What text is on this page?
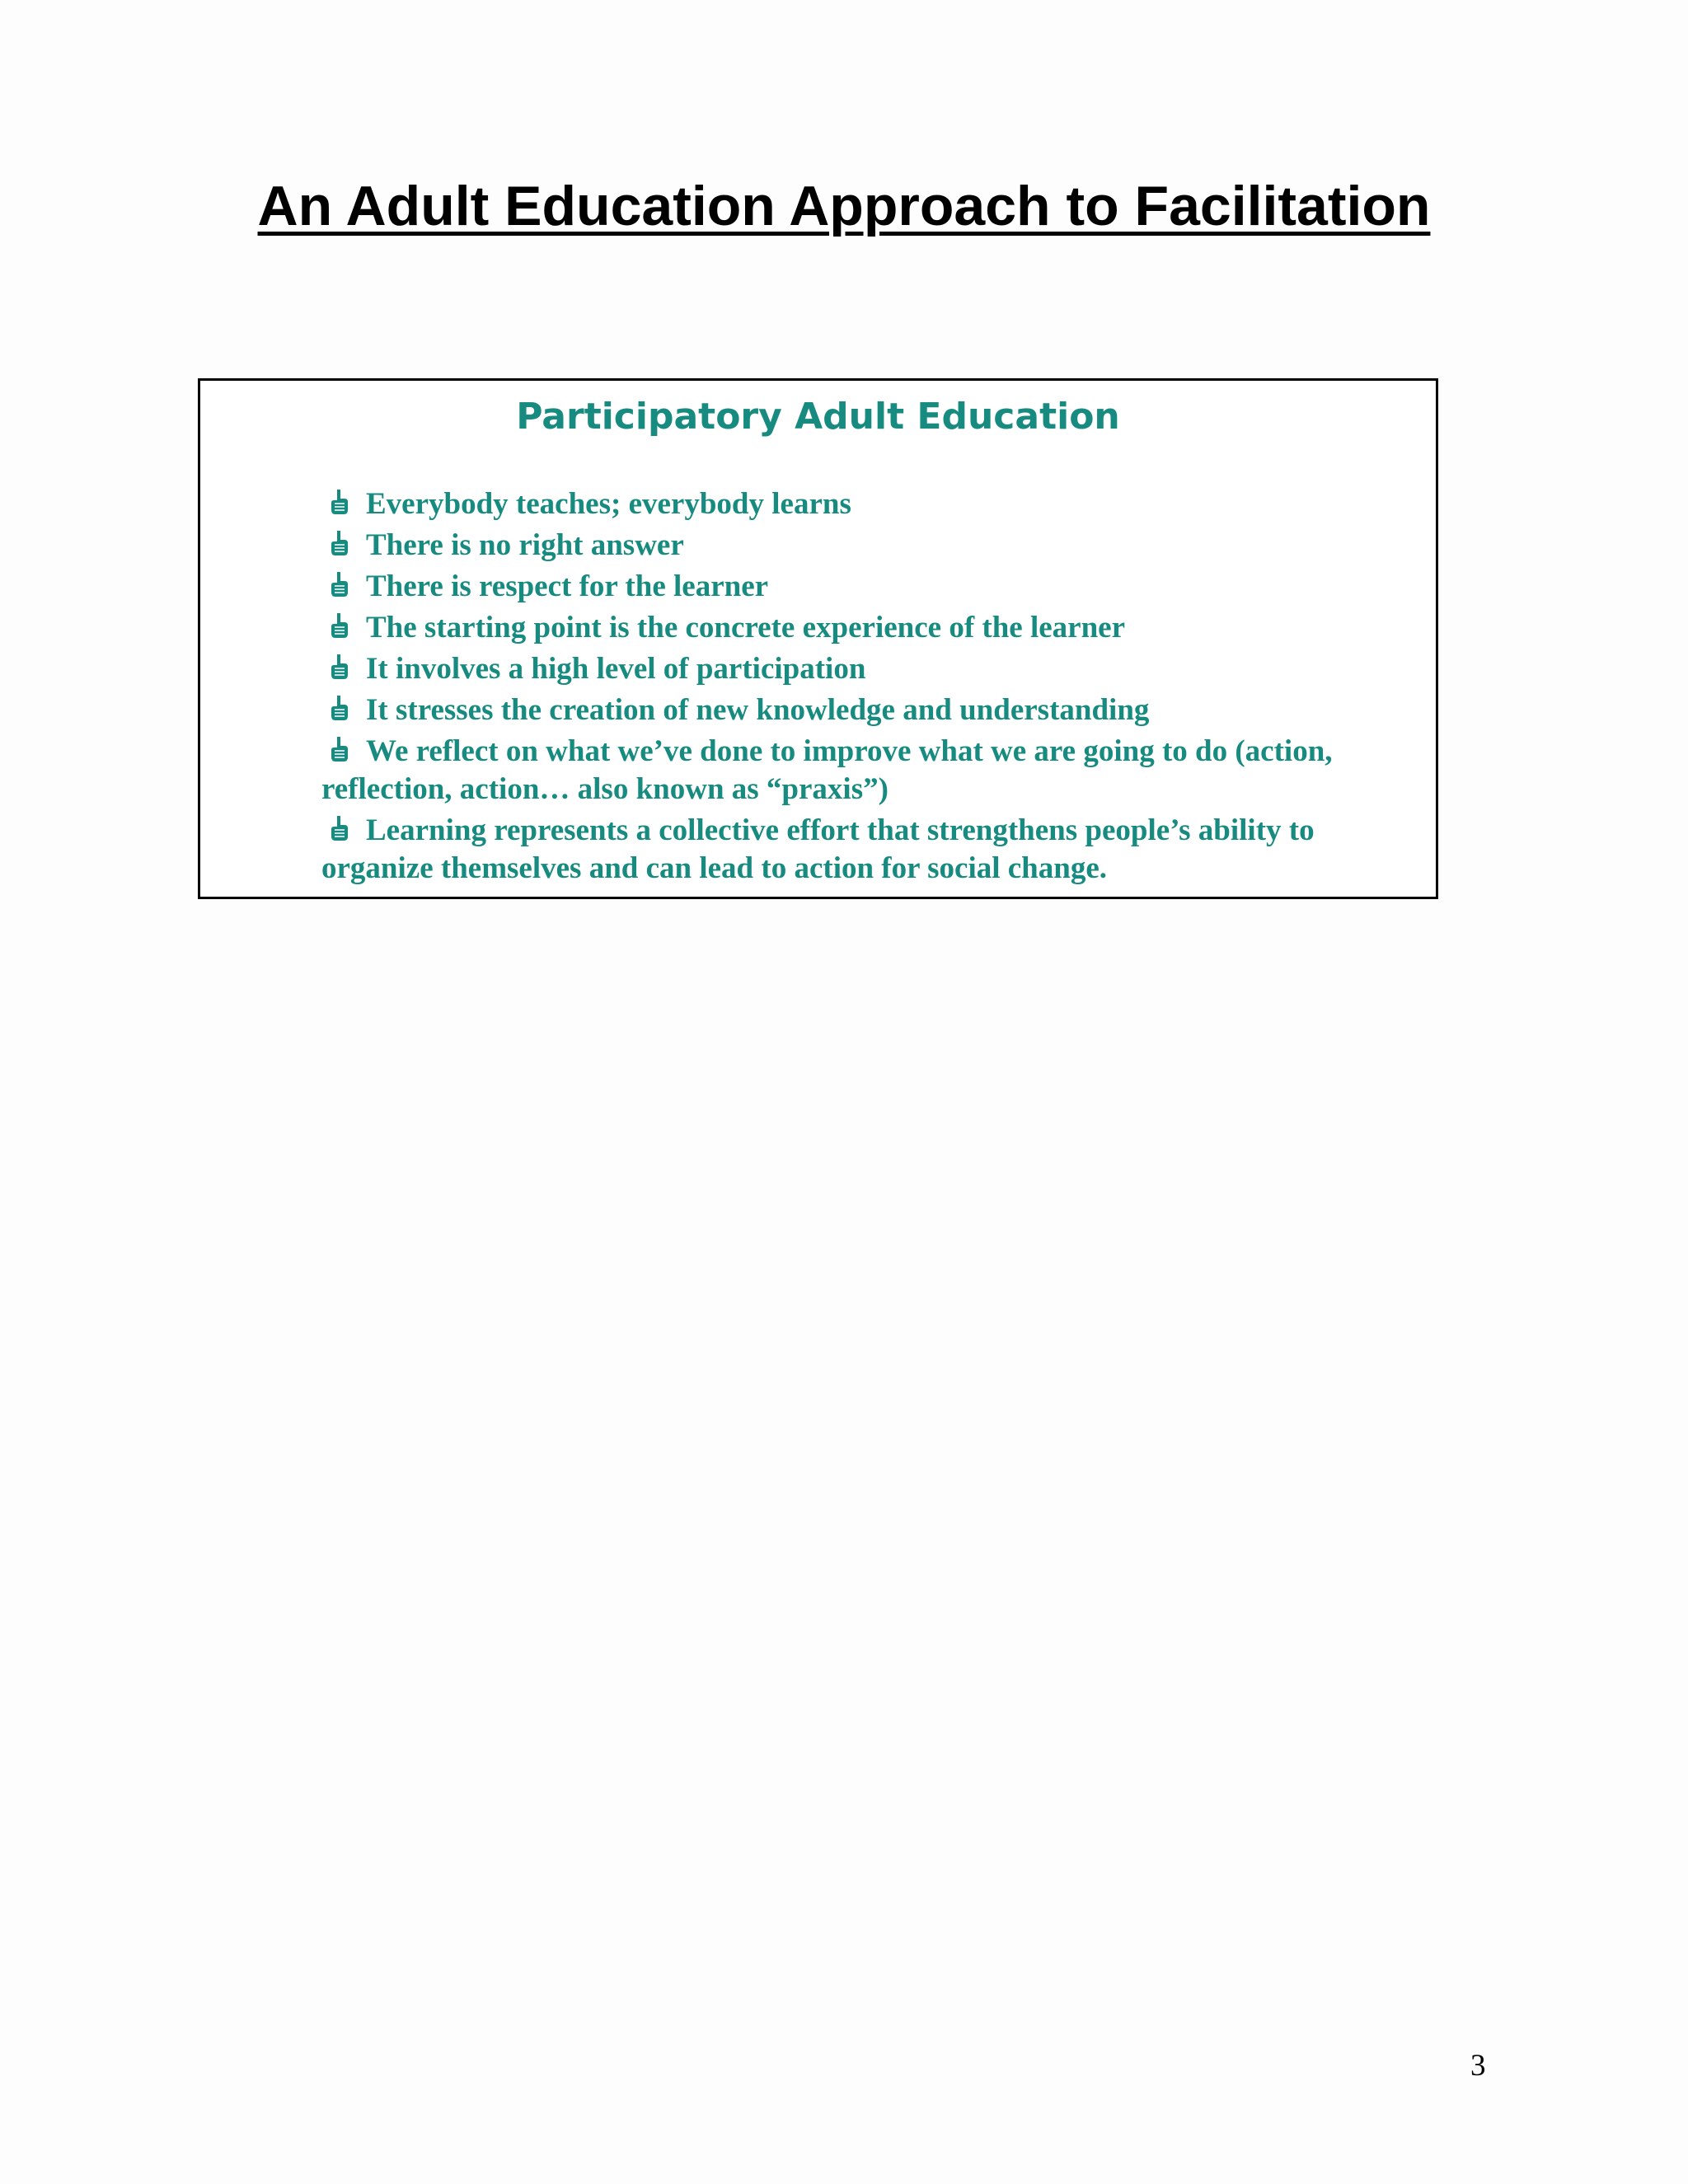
An Adult Education Approach to Facilitation
Participatory Adult Education
Everybody teaches; everybody learns
There is no right answer
There is respect for the learner
The starting point is the concrete experience of the learner
It involves a high level of participation
It stresses the creation of new knowledge and understanding
We reflect on what we’ve done to improve what we are going to do (action, reflection, action… also known as “praxis”)
Learning represents a collective effort that strengthens people’s ability to organize themselves and can lead to action for social change.
3
